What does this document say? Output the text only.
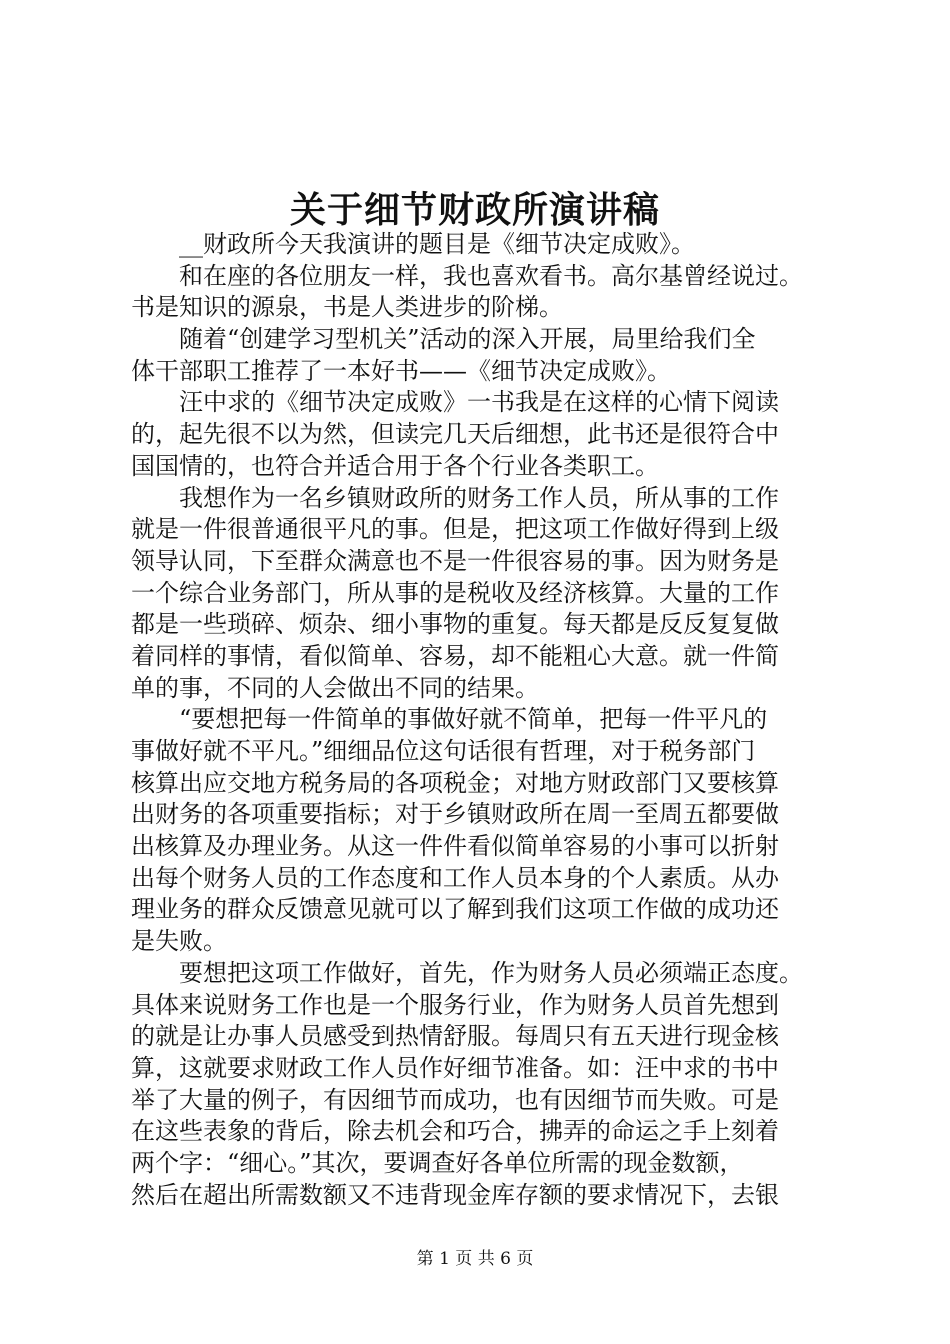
关于细节财政所演讲稿
　　__财政所今天我演讲的题目是《细节决定成败》。
　　和在座的各位朋友一样，我也喜欢看书。高尔基曾经说过。
书是知识的源泉，书是人类进步的阶梯。
　　随着“创建学习型机关”活动的深入开展，局里给我们全
体干部职工推荐了一本好书——《细节决定成败》。
　　汪中求的《细节决定成败》一书我是在这样的心情下阅读
的，起先很不以为然，但读完几天后细想，此书还是很符合中
国国情的，也符合并适合用于各个行业各类职工。
　　我想作为一名乡镇财政所的财务工作人员，所从事的工作
就是一件很普通很平凡的事。但是，把这项工作做好得到上级
领导认同，下至群众满意也不是一件很容易的事。因为财务是
一个综合业务部门，所从事的是税收及经济核算。大量的工作
都是一些琐碎、烦杂、细小事物的重复。每天都是反反复复做
着同样的事情，看似简单、容易，却不能粗心大意。就一件简
单的事，不同的人会做出不同的结果。
　　“要想把每一件简单的事做好就不简单，把每一件平凡的
事做好就不平凡。”细细品位这句话很有哲理，对于税务部门
核算出应交地方税务局的各项税金；对地方财政部门又要核算
出财务的各项重要指标；对于乡镇财政所在周一至周五都要做
出核算及办理业务。从这一件件看似简单容易的小事可以折射
出每个财务人员的工作态度和工作人员本身的个人素质。从办
理业务的群众反馈意见就可以了解到我们这项工作做的成功还
是失败。
　　要想把这项工作做好，首先，作为财务人员必须端正态度。
具体来说财务工作也是一个服务行业，作为财务人员首先想到
的就是让办事人员感受到热情舒服。每周只有五天进行现金核
算，这就要求财政工作人员作好细节准备。如：汪中求的书中
举了大量的例子，有因细节而成功，也有因细节而失败。可是
在这些表象的背后，除去机会和巧合，拂弄的命运之手上刻着
两个字：“细心。”其次，要调查好各单位所需的现金数额，
然后在超出所需数额又不违背现金库存额的要求情况下，去银
第 1 页 共 6 页
